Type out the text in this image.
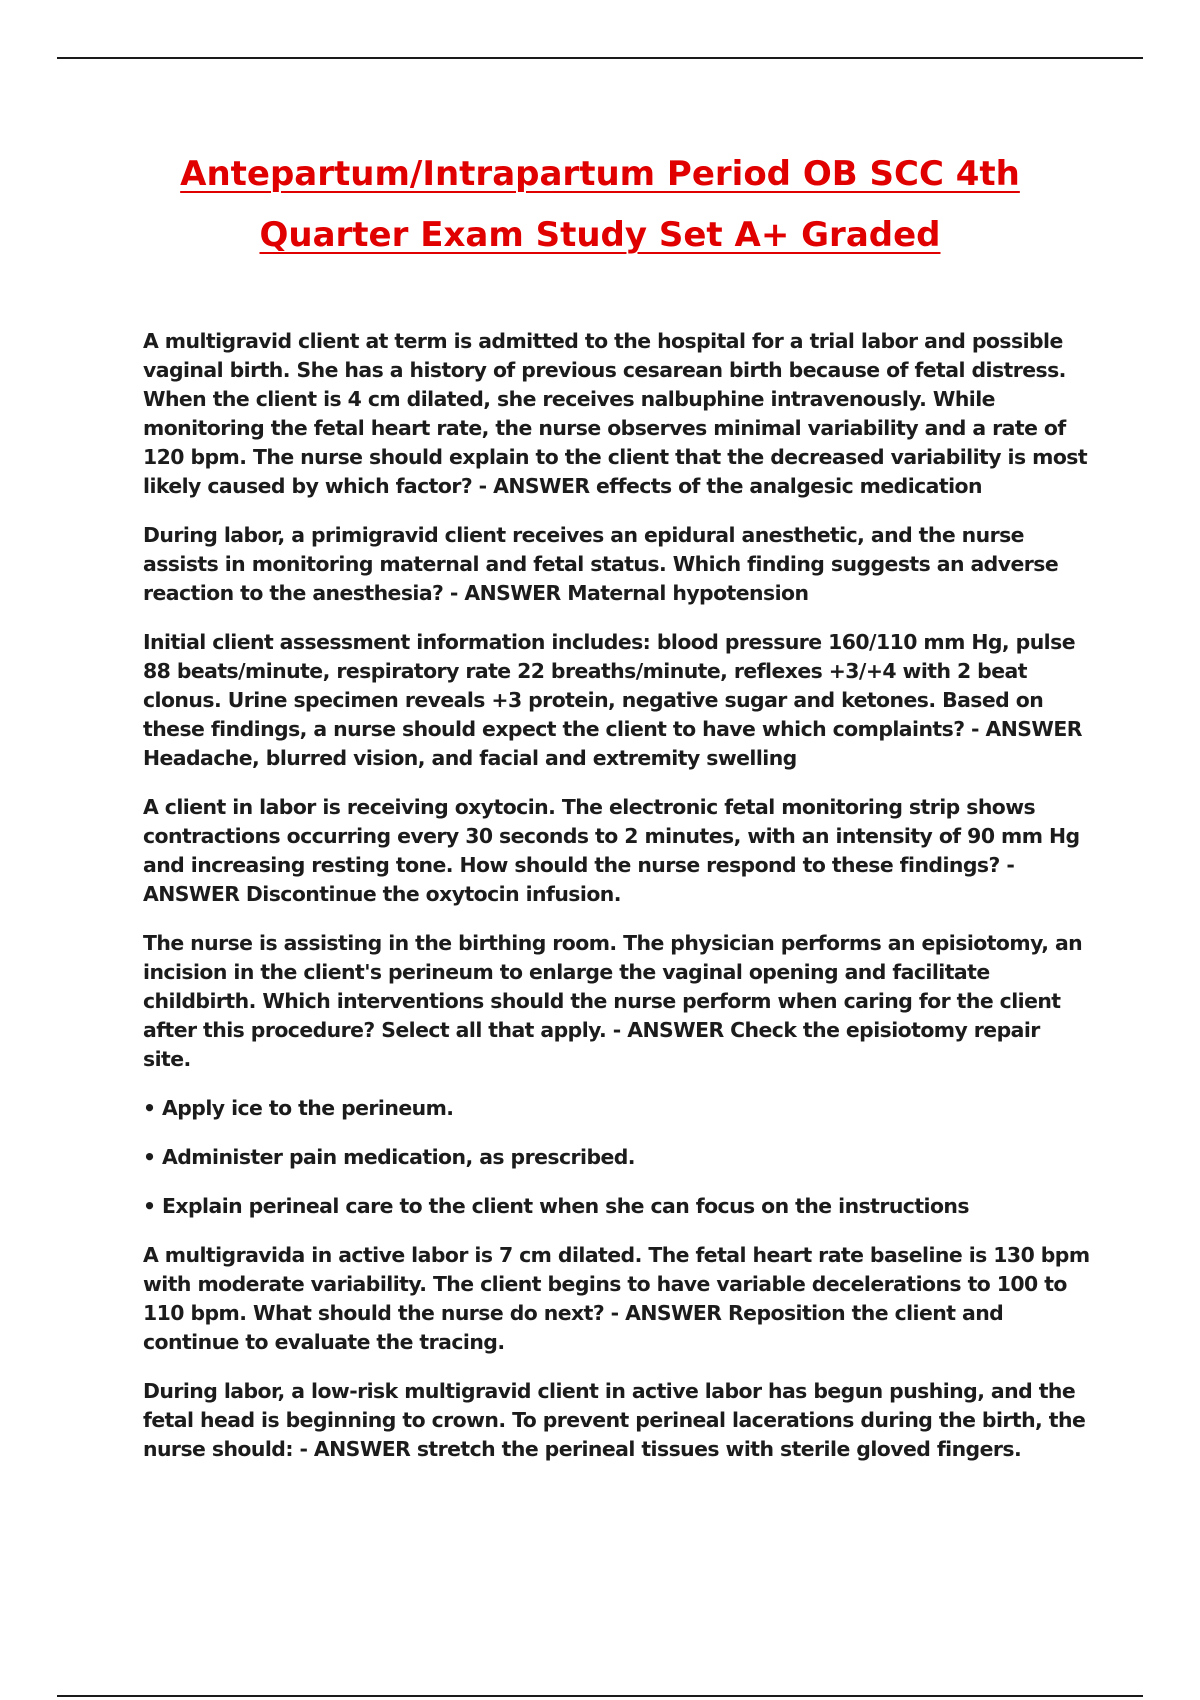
Antepartum/Intrapartum Period OB SCC 4th
Quarter Exam Study Set A+ Graded

A multigravid client at term is admitted to the hospital for a trial labor and possible vaginal birth. She has a history of previous cesarean birth because of fetal distress. When the client is 4 cm dilated, she receives nalbuphine intravenously. While monitoring the fetal heart rate, the nurse observes minimal variability and a rate of 120 bpm. The nurse should explain to the client that the decreased variability is most likely caused by which factor? - ANSWER effects of the analgesic medication

During labor, a primigravid client receives an epidural anesthetic, and the nurse assists in monitoring maternal and fetal status. Which finding suggests an adverse reaction to the anesthesia? - ANSWER Maternal hypotension

Initial client assessment information includes: blood pressure 160/110 mm Hg, pulse 88 beats/minute, respiratory rate 22 breaths/minute, reflexes +3/+4 with 2 beat clonus. Urine specimen reveals +3 protein, negative sugar and ketones. Based on these findings, a nurse should expect the client to have which complaints? - ANSWER Headache, blurred vision, and facial and extremity swelling

A client in labor is receiving oxytocin. The electronic fetal monitoring strip shows contractions occurring every 30 seconds to 2 minutes, with an intensity of 90 mm Hg and increasing resting tone. How should the nurse respond to these findings? - ANSWER Discontinue the oxytocin infusion.

The nurse is assisting in the birthing room. The physician performs an episiotomy, an incision in the client's perineum to enlarge the vaginal opening and facilitate childbirth. Which interventions should the nurse perform when caring for the client after this procedure? Select all that apply. - ANSWER Check the episiotomy repair site.

• Apply ice to the perineum.

• Administer pain medication, as prescribed.

• Explain perineal care to the client when she can focus on the instructions

A multigravida in active labor is 7 cm dilated. The fetal heart rate baseline is 130 bpm with moderate variability. The client begins to have variable decelerations to 100 to 110 bpm. What should the nurse do next? - ANSWER Reposition the client and continue to evaluate the tracing.

During labor, a low-risk multigravid client in active labor has begun pushing, and the fetal head is beginning to crown. To prevent perineal lacerations during the birth, the nurse should: - ANSWER stretch the perineal tissues with sterile gloved fingers.
